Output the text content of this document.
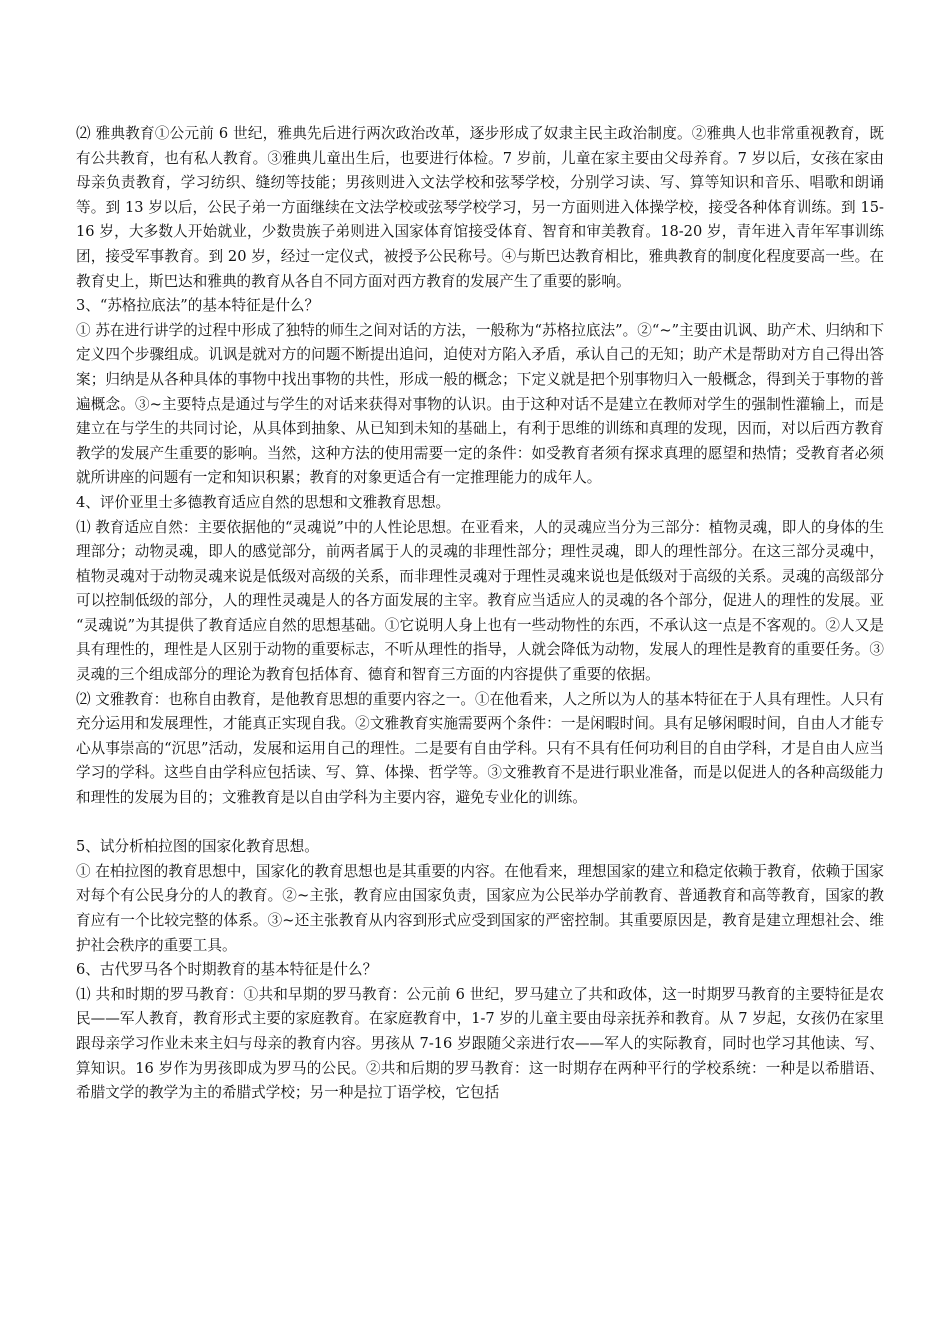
⑵ 雅典教育①公元前 6 世纪，雅典先后进行两次政治改革，逐步形成了奴隶主民主政治制度。②雅典人也非常重视教育，既有公共教育，也有私人教育。③雅典儿童出生后，也要进行体检。7 岁前，儿童在家主要由父母养育。7 岁以后，女孩在家由母亲负责教育，学习纺织、缝纫等技能；男孩则进入文法学校和弦琴学校，分别学习读、写、算等知识和音乐、唱歌和朗诵等。到 13 岁以后，公民子弟一方面继续在文法学校或弦琴学校学习，另一方面则进入体操学校，接受各种体育训练。到 15-16 岁，大多数人开始就业，少数贵族子弟则进入国家体育馆接受体育、智育和审美教育。18-20 岁，青年进入青年军事训练团，接受军事教育。到 20 岁，经过一定仪式，被授予公民称号。④与斯巴达教育相比，雅典教育的制度化程度要高一些。在教育史上，斯巴达和雅典的教育从各自不同方面对西方教育的发展产生了重要的影响。

3、“苏格拉底法”的基本特征是什么？

① 苏在进行讲学的过程中形成了独特的师生之间对话的方法，一般称为“苏格拉底法”。②“~”主要由讥讽、助产术、归纳和下定义四个步骤组成。讥讽是就对方的问题不断提出追问，迫使对方陷入矛盾，承认自己的无知；助产术是帮助对方自己得出答案；归纳是从各种具体的事物中找出事物的共性，形成一般的概念；下定义就是把个别事物归入一般概念，得到关于事物的普遍概念。③~主要特点是通过与学生的对话来获得对事物的认识。由于这种对话不是建立在教师对学生的强制性灌输上，而是建立在与学生的共同讨论，从具体到抽象、从已知到未知的基础上，有利于思维的训练和真理的发现，因而，对以后西方教育教学的发展产生重要的影响。当然，这种方法的使用需要一定的条件：如受教育者须有探求真理的愿望和热情；受教育者必须就所讲座的问题有一定和知识积累；教育的对象更适合有一定推理能力的成年人。

4、评价亚里士多德教育适应自然的思想和文雅教育思想。

⑴ 教育适应自然：主要依据他的“灵魂说”中的人性论思想。在亚看来，人的灵魂应当分为三部分：植物灵魂，即人的身体的生理部分；动物灵魂，即人的感觉部分，前两者属于人的灵魂的非理性部分；理性灵魂，即人的理性部分。在这三部分灵魂中，植物灵魂对于动物灵魂来说是低级对高级的关系，而非理性灵魂对于理性灵魂来说也是低级对于高级的关系。灵魂的高级部分可以控制低级的部分，人的理性灵魂是人的各方面发展的主宰。教育应当适应人的灵魂的各个部分，促进人的理性的发展。亚 “灵魂说”为其提供了教育适应自然的思想基础。①它说明人身上也有一些动物性的东西，不承认这一点是不客观的。②人又是具有理性的，理性是人区别于动物的重要标志，不听从理性的指导，人就会降低为动物，发展人的理性是教育的重要任务。③灵魂的三个组成部分的理论为教育包括体育、德育和智育三方面的内容提供了重要的依据。

⑵ 文雅教育：也称自由教育，是他教育思想的重要内容之一。①在他看来，人之所以为人的基本特征在于人具有理性。人只有充分运用和发展理性，才能真正实现自我。②文雅教育实施需要两个条件：一是闲暇时间。具有足够闲暇时间，自由人才能专心从事崇高的“沉思”活动，发展和运用自己的理性。二是要有自由学科。只有不具有任何功利目的自由学科，才是自由人应当学习的学科。这些自由学科应包括读、写、算、体操、哲学等。③文雅教育不是进行职业准备，而是以促进人的各种高级能力和理性的发展为目的；文雅教育是以自由学科为主要内容，避免专业化的训练。

5、试分析柏拉图的国家化教育思想。

① 在柏拉图的教育思想中，国家化的教育思想也是其重要的内容。在他看来，理想国家的建立和稳定依赖于教育，依赖于国家对每个有公民身分的人的教育。②~主张，教育应由国家负责，国家应为公民举办学前教育、普通教育和高等教育，国家的教育应有一个比较完整的体系。③~还主张教育从内容到形式应受到国家的严密控制。其重要原因是，教育是建立理想社会、维护社会秩序的重要工具。

6、古代罗马各个时期教育的基本特征是什么？

⑴ 共和时期的罗马教育：①共和早期的罗马教育：公元前 6 世纪，罗马建立了共和政体，这一时期罗马教育的主要特征是农民——军人教育，教育形式主要的家庭教育。在家庭教育中，1-7 岁的儿童主要由母亲抚养和教育。从 7 岁起，女孩仍在家里跟母亲学习作业未来主妇与母亲的教育内容。男孩从 7-16 岁跟随父亲进行农——军人的实际教育，同时也学习其他读、写、算知识。16 岁作为男孩即成为罗马的公民。②共和后期的罗马教育：这一时期存在两种平行的学校系统：一种是以希腊语、希腊文学的教学为主的希腊式学校；另一种是拉丁语学校，它包括
